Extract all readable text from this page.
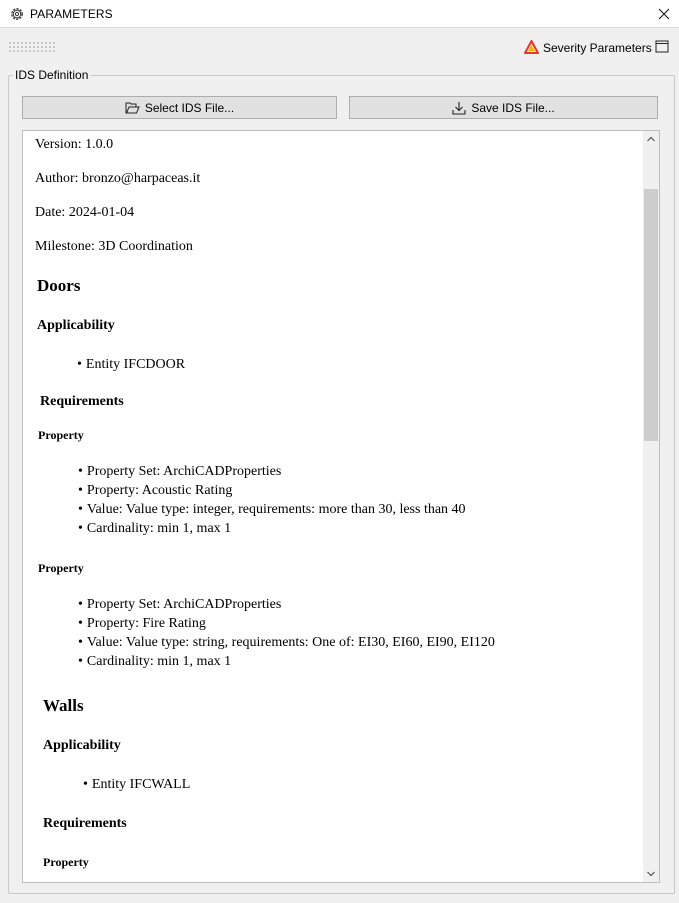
PARAMETERS
Severity Parameters
IDS Definition
Select IDS File...	Save IDS File...
Version: 1.0.0
Author: bronzo@harpaceas.it
Date: 2024-01-04
Milestone: 3D Coordination
Doors
Applicability
• Entity IFCDOOR
Requirements
Property
• Property Set: ArchiCADProperties
• Property: Acoustic Rating
• Value: Value type: integer, requirements: more than 30, less than 40
• Cardinality: min 1, max 1
Property
• Property Set: ArchiCADProperties
• Property: Fire Rating
• Value: Value type: string, requirements: One of: EI30, EI60, EI90, EI120
• Cardinality: min 1, max 1
Walls
Applicability
• Entity IFCWALL
Requirements
Property
